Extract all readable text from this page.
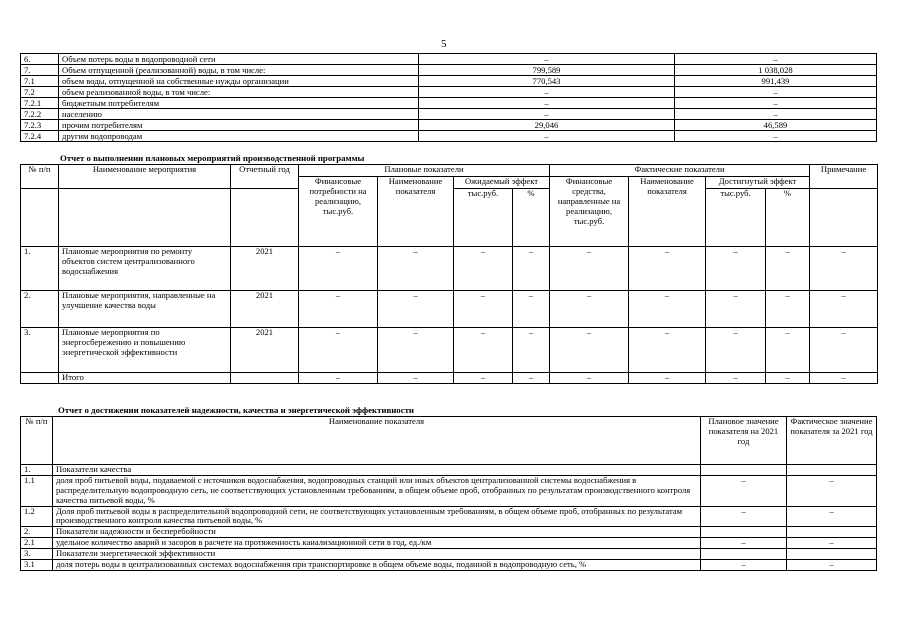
5
6.	Объем потерь воды в водопроводной сети	–	–
7.	Объем отпущенной (реализованной) воды, в том числе:	799,589	1 038,028
7.1	объем воды, отпущенной на собственные нужды организации	770,543	991,439
7.2	объем реализованной воды, в том числе:	–	–
7.2.1	бюджетным потребителям	–	–
7.2.2	населению	–	–
7.2.3	прочим потребителям	29,046	46,589
7.2.4	другим водопроводам	–	–
Отчет о выполнении плановых мероприятий производственной программы
№ п/п	Наименование мероприятия	Отчетный год	Плановые показатели				Фактические показатели				Примечание
			Финансовые потребности на реализацию, тыс.руб.	Наименование показателя	Ожидаемый эффект		Финансовые средства, направленные на реализацию, тыс.руб.	Наименование показателя	Достигнутый эффект		
					тыс.руб.	%			тыс.руб.	%	
1.	Плановые мероприятия по ремонту объектов систем централизованного водоснабжения	2021	–	–	–	–	–	–	–	–	–
2.	Плановые мероприятия, направленные на улучшение качества воды	2021	–	–	–	–	–	–	–	–	–
3.	Плановые мероприятия по энергосбережению и повышению энергетической эффективности	2021	–	–	–	–	–	–	–	–	–
	Итого		–	–	–	–	–	–	–	–	–
Отчет о достижении показателей надежности, качества и энергетической эффективности
№ п/п	Наименование показателя	Плановое значение показателя на 2021 год	Фактическое значение показателя за 2021 год
1.	Показатели качества		
1.1	доля проб питьевой воды, подаваемой с источников водоснабжения, водопроводных станций или иных объектов централизованной системы водоснабжения в распределительную водопроводную сеть, не соответствующих установленным требованиям, в общем объеме проб, отобранных по результатам производственного контроля качества питьевой воды, %	–	–
1.2	Доля проб питьевой воды в распределительной водопроводной сети, не соответствующих установленным требованиям, в общем объеме проб, отобранных по результатам производственного контроля качества питьевой воды, %	–	–
2.	Показатели надежности и бесперебойности		
2.1	удельное количество аварий и засоров в расчете на протяженность канализационной сети в год, ед./км	–	–
3.	Показатели энергетической эффективности		
3.1	доля потерь воды в централизованных системах водоснабжения при транспортировке в общем объеме воды, поданной в водопроводную сеть, %	–	–
